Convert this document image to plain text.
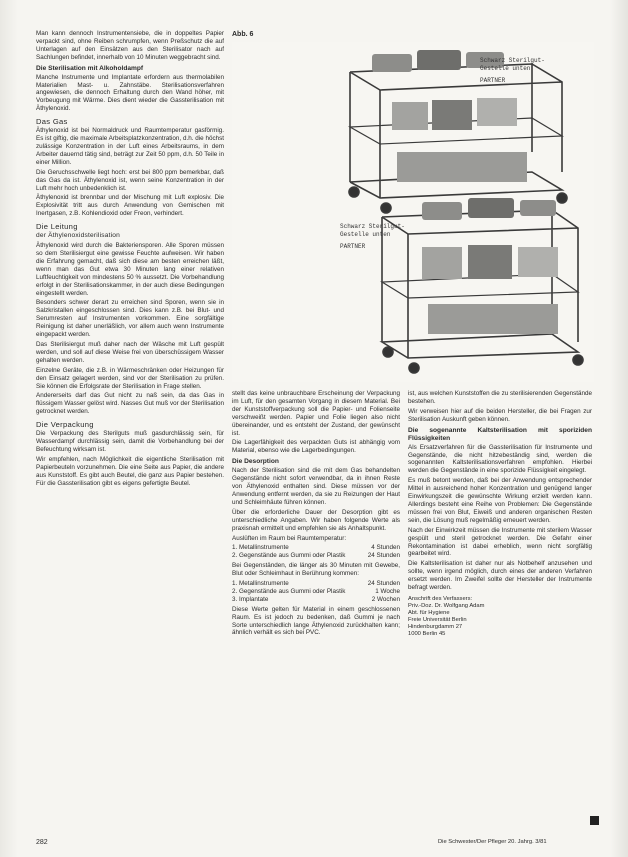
Man kann dennoch Instrumentensiebe, die in doppeltes Papier verpackt sind, ohne Reiben schrumpfen, wenn Preßschutz die auf Unterlagen auf den Einsätzen aus den Sterilisator nach auf Sachlungen befindet, innerhalb von 10 Minuten weggebracht sind.

Die Sterilisation mit Alkoholdampf

Manche Instrumente und Implantate erfordern aus thermolabilen Materialien Mast- u. Zahnstäbe. Sterilisationsverfahren angewiesen, die dennoch Erhaltung durch den Wand höher, mit Vorbeugung mit Wärme. Dies dient wieder die Gassterilisation mit Äthylenoxid.

Das Gas

Äthylenoxid ist bei Normaldruck und Raumtemperatur gasförmig. Es ist giftig, die maximale Arbeitsplatzkonzentration, d.h. die höchst zulässige Konzentration in der Luft eines Arbeitsraums, in dem Arbeiter dauernd tätig sind, beträgt zur Zeit 50 ppm, d.h. 50 Teile in einer Million.

Die Geruchsschwelle liegt hoch: erst bei 800 ppm bemerkbar, daß das Gas da ist. Äthylenoxid ist, wenn seine Konzentration in der Luft mehr hoch unbedenklich ist.

Äthylenoxid ist brennbar und der Mischung mit Luft explosiv. Die Explosivität tritt aus durch Anwendung von Gemischen mit Inertgasen, z.B. Kohlendioxid oder Freon, verhindert.

Die Leitung
der Äthylenoxidsterilisation

Äthylenoxid wird durch die Bakteriensporen. Alle Sporen müssen so dem Sterilisiergut eine gewisse Feuchte aufweisen. Wir haben die Erfahrung gemacht, daß sich diese am besten erreichen läßt, wenn man das Gut etwa 30 Minuten lang einer relativen Luftfeuchtigkeit von mindestens 50 % aussetzt. Die Vorbehandlung erfolgt in der Sterilisationskammer, in der auch diese Bedingungen eingestellt werden.

Besonders schwer derart zu erreichen sind Sporen, wenn sie in Salzkristallen eingeschlossen sind. Dies kann z.B. bei Blut- und Serumresten auf Instrumenten vorkommen. Eine sorgfältige Reinigung ist daher unerläßlich, vor allem auch wenn Instrumente eingepackt werden.

Das Sterilisiergut muß daher nach der Wäsche mit Luft gespült werden, und soll auf diese Weise frei von überschüssigem Wasser gehalten werden.

Einzelne Geräte, die z.B. in Wärmeschränken oder Heizungen für den Einsatz gelagert werden, sind vor der Sterilisation zu prüfen. Sie können die Erfolgsrate der Sterilisation in Frage stellen.

Andererseits darf das Gut nicht zu naß sein, da das Gas in flüssigem Wasser gelöst wird. Nasses Gut muß vor der Sterilisation getrocknet werden.

Die Verpackung

Die Verpackung des Sterilguts muß gasdurchlässig sein, für Wasserdampf durchlässig sein, damit die Vorbehandlung bei der Befeuchtung wirksam ist.

Wir empfehlen, nach Möglichkeit die eigentliche Sterilisation mit Papierbeuteln vorzunehmen. Die eine Seite aus Papier, die andere aus Kunststoff. Es gibt auch Beutel, die ganz aus Papier bestehen. Für die Gassterilisation gibt es eigens gefertigte Beutel.

Abb. 6
Schwarz Sterilgut-
Gestelle unten
PARTNER
Schwarz Sterilgut-
Gestelle unten
PARTNER

stellt das keine unbrauchbare Erscheinung der Verpackung im Luft, für den gesamten Vorgang in diesem Material. Bei der Kunststoffverpackung soll die Papier- und Folienseite verschweißt werden. Papier und Folie liegen also nicht übereinander, und es entsteht der Zustand, der gewünscht ist.

Die Lagerfähigkeit des verpackten Guts ist abhängig vom Material, ebenso wie die Lagerbedingungen.

Die Desorption

Nach der Sterilisation sind die mit dem Gas behandelten Gegenstände nicht sofort verwendbar, da in ihnen Reste von Äthylenoxid enthalten sind. Diese müssen vor der Anwendung entfernt werden, da sie zu Reizungen der Haut und Schleimhäute führen können.

Über die erforderliche Dauer der Desorption gibt es unterschiedliche Angaben. Wir haben folgende Werte als praxisnah ermittelt und empfehlen sie als Anhaltspunkt.

Auslüften im Raum bei Raumtemperatur:

1. Metallinstrumente	4 Stunden
2. Gegenstände aus Gummi oder Plastik	24 Stunden

Bei Gegenständen, die länger als 30 Minuten mit Gewebe, Blut oder Schleimhaut in Berührung kommen:

1. Metallinstrumente	24 Stunden
2. Gegenstände aus Gummi oder Plastik	1 Woche
3. Implantate	2 Wochen

Diese Werte gelten für Material in einem geschlossenen Raum. Es ist jedoch zu bedenken, daß Gummi je nach Sorte unterschiedlich lange Äthylenoxid zurückhalten kann; ähnlich verhält es sich bei PVC.

ist, aus welchen Kunststoffen die zu sterilisierenden Gegenstände bestehen.

Wir verweisen hier auf die beiden Hersteller, die bei Fragen zur Sterilisation Auskunft geben können.

Die sogenannte Kaltsterilisation mit sporiziden Flüssigkeiten

Als Ersatzverfahren für die Gassterilisation für Instrumente und Gegenstände, die nicht hitzebeständig sind, werden die sogenannten Kaltsterilisationsverfahren empfohlen. Hierbei werden die Gegenstände in eine sporizide Flüssigkeit eingelegt.

Es muß betont werden, daß bei der Anwendung entsprechender Mittel in ausreichend hoher Konzentration und genügend langer Einwirkungszeit die gewünschte Wirkung erzielt werden kann. Allerdings besteht eine Reihe von Problemen: Die Gegenstände müssen frei von Blut, Eiweiß und anderen organischen Resten sein, die Lösung muß regelmäßig erneuert werden.

Nach der Einwirkzeit müssen die Instrumente mit sterilem Wasser gespült und steril getrocknet werden. Die Gefahr einer Rekontamination ist dabei erheblich, wenn nicht sorgfältig gearbeitet wird.

Die Kaltsterilisation ist daher nur als Notbehelf anzusehen und sollte, wenn irgend möglich, durch eines der anderen Verfahren ersetzt werden. Im Zweifel sollte der Hersteller der Instrumente befragt werden.

Anschrift des Verfassers:
Priv.-Doz. Dr. Wolfgang Adam
Abt. für Hygiene
Freie Universität Berlin
Hindenburgdamm 27
1000 Berlin 45
282	Die Schwester/Der Pfleger 20. Jahrg. 3/81
